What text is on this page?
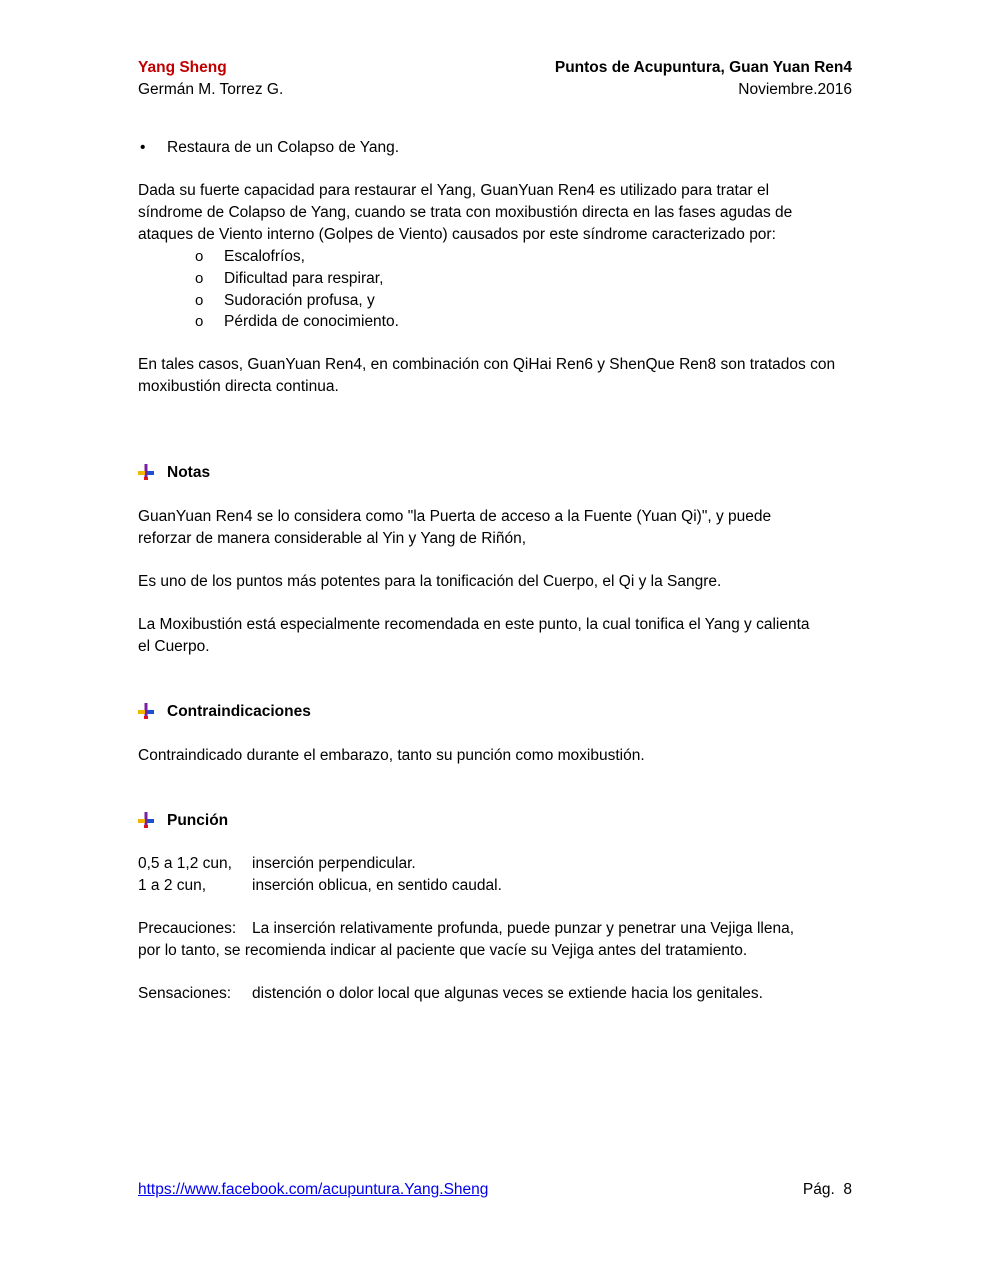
Yang Sheng	Puntos de Acupuntura, Guan Yuan Ren4
Germán M. Torrez G.	Noviembre.2016
• Restaura de un Colapso de Yang.
Dada su fuerte capacidad para restaurar el Yang, GuanYuan Ren4 es utilizado para tratar el
síndrome de Colapso de Yang, cuando se trata con moxibustión directa en las fases agudas de
ataques de Viento interno (Golpes de Viento) causados por este síndrome caracterizado por:
o Escalofríos,
o Dificultad para respirar,
o Sudoración profusa, y
o Pérdida de conocimiento.
En tales casos, GuanYuan Ren4, en combinación con QiHai Ren6 y ShenQue Ren8 son tratados con
moxibustión directa continua.
Notas
GuanYuan Ren4 se lo considera como "la Puerta de acceso a la Fuente (Yuan Qi)", y puede
reforzar de manera considerable al Yin y Yang de Riñón,
Es uno de los puntos más potentes para la tonificación del Cuerpo, el Qi y la Sangre.
La Moxibustión está especialmente recomendada en este punto, la cual tonifica el Yang y calienta
el Cuerpo.
Contraindicaciones
Contraindicado durante el embarazo, tanto su punción como moxibustión.
Punción
0,5 a 1,2 cun, inserción perpendicular.
1 a 2 cun,	inserción oblicua, en sentido caudal.
Precauciones: La inserción relativamente profunda, puede punzar y penetrar una Vejiga llena,
por lo tanto, se recomienda indicar al paciente que vacíe su Vejiga antes del tratamiento.
Sensaciones: distención o dolor local que algunas veces se extiende hacia los genitales.
https://www.facebook.com/acupuntura.Yang.Sheng	Pág. 8
